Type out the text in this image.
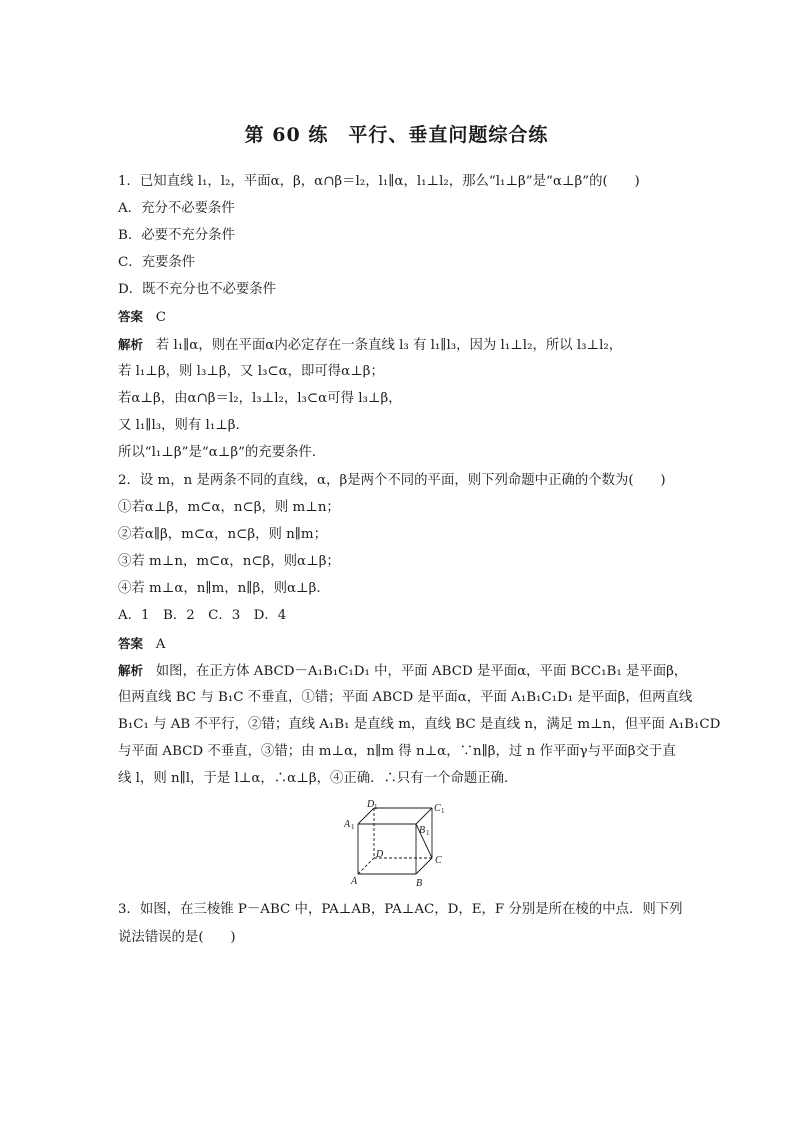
第 60 练　平行、垂直问题综合练
1．已知直线 l₁，l₂，平面α，β，α∩β＝l₂，l₁∥α，l₁⊥l₂，那么“l₁⊥β”是“α⊥β”的(　　)
A．充分不必要条件
B．必要不充分条件
C．充要条件
D．既不充分也不必要条件
答案 C
解析 若 l₁∥α，则在平面α内必定存在一条直线 l₃ 有 l₁∥l₃，因为 l₁⊥l₂，所以 l₃⊥l₂，
若 l₁⊥β，则 l₃⊥β，又 l₃⊂α，即可得α⊥β；
若α⊥β，由α∩β＝l₂，l₃⊥l₂，l₃⊂α可得 l₃⊥β，
又 l₁∥l₃，则有 l₁⊥β.
所以“l₁⊥β”是“α⊥β”的充要条件．
2．设 m，n 是两条不同的直线，α，β是两个不同的平面，则下列命题中正确的个数为(　　)
①若α⊥β，m⊂α，n⊂β，则 m⊥n；
②若α∥β，m⊂α，n⊂β，则 n∥m；
③若 m⊥n，m⊂α，n⊂β，则α⊥β；
④若 m⊥α，n∥m，n∥β，则α⊥β.
A．1　B．2　C．3　D．4
答案 A
解析 如图，在正方体 ABCD－A₁B₁C₁D₁ 中，平面 ABCD 是平面α，平面 BCC₁B₁ 是平面β，
但两直线 BC 与 B₁C 不垂直，①错；平面 ABCD 是平面α，平面 A₁B₁C₁D₁ 是平面β，但两直线
B₁C₁ 与 AB 不平行，②错；直线 A₁B₁ 是直线 m，直线 BC 是直线 n，满足 m⊥n，但平面 A₁B₁CD
与平面 ABCD 不垂直，③错；由 m⊥α，n∥m 得 n⊥α，∵n∥β，过 n 作平面γ与平面β交于直
线 l，则 n∥l，于是 l⊥α，∴α⊥β，④正确．∴只有一个命题正确．
D 1	C 1
A 1	B 1
D
C
A	B
3．如图，在三棱锥 P－ABC 中，PA⊥AB，PA⊥AC，D，E，F 分别是所在棱的中点．则下列
说法错误的是(　　)
